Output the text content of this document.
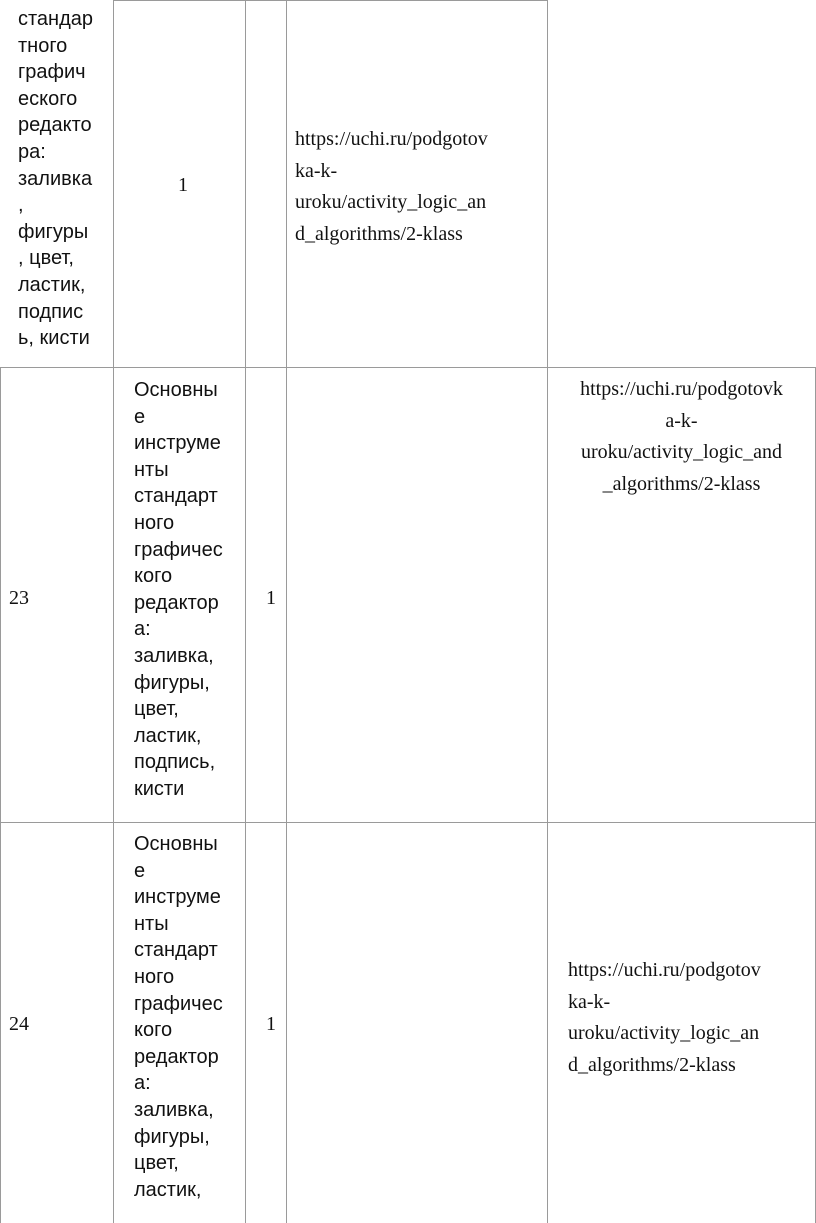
стандар
тного
графич
еского
редакто
ра:
заливка
,
фигуры
, цвет,
ластик,
подпис
ь, кисти
1
https://uchi.ru/podgotov
ka-k-
uroku/activity_logic_an
d_algorithms/2-klass
23
Основны
е
инструме
нты
стандарт
ного
графичес
кого
редактор
а:
заливка,
фигуры,
цвет,
ластик,
подпись,
кисти
1
https://uchi.ru/podgotovk
a-k-
uroku/activity_logic_and
_algorithms/2-klass
24
Основны
е
инструме
нты
стандарт
ного
графичес
кого
редактор
а:
заливка,
фигуры,
цвет,
ластик,
1
https://uchi.ru/podgotov
ka-k-
uroku/activity_logic_an
d_algorithms/2-klass
